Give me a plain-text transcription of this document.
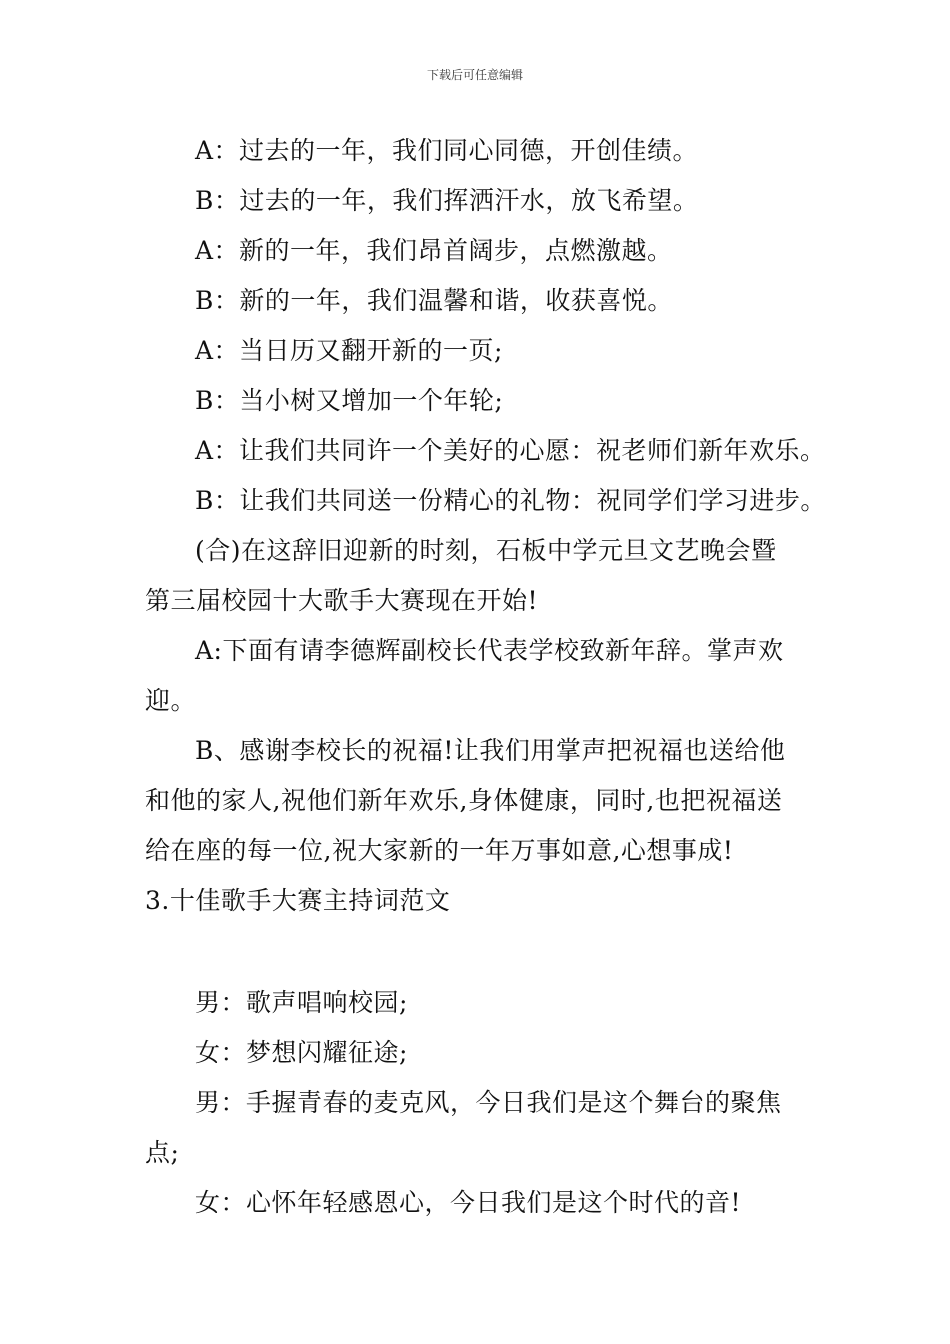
下载后可任意编辑
A：过去的一年，我们同心同德，开创佳绩。
B：过去的一年，我们挥洒汗水，放飞希望。
A：新的一年，我们昂首阔步，点燃激越。
B：新的一年，我们温馨和谐，收获喜悦。
A：当日历又翻开新的一页;
B：当小树又增加一个年轮;
A：让我们共同许一个美好的心愿：祝老师们新年欢乐。
B：让我们共同送一份精心的礼物：祝同学们学习进步。
(合)在这辞旧迎新的时刻，石板中学元旦文艺晚会暨
第三届校园十大歌手大赛现在开始!
A:下面有请李德辉副校长代表学校致新年辞。掌声欢
迎。
B、感谢李校长的祝福!让我们用掌声把祝福也送给他
和他的家人,祝他们新年欢乐,身体健康，同时,也把祝福送
给在座的每一位,祝大家新的一年万事如意,心想事成!
3.十佳歌手大赛主持词范文
男：歌声唱响校园;
女：梦想闪耀征途;
男：手握青春的麦克风，今日我们是这个舞台的聚焦
点;
女：心怀年轻感恩心，今日我们是这个时代的音!
